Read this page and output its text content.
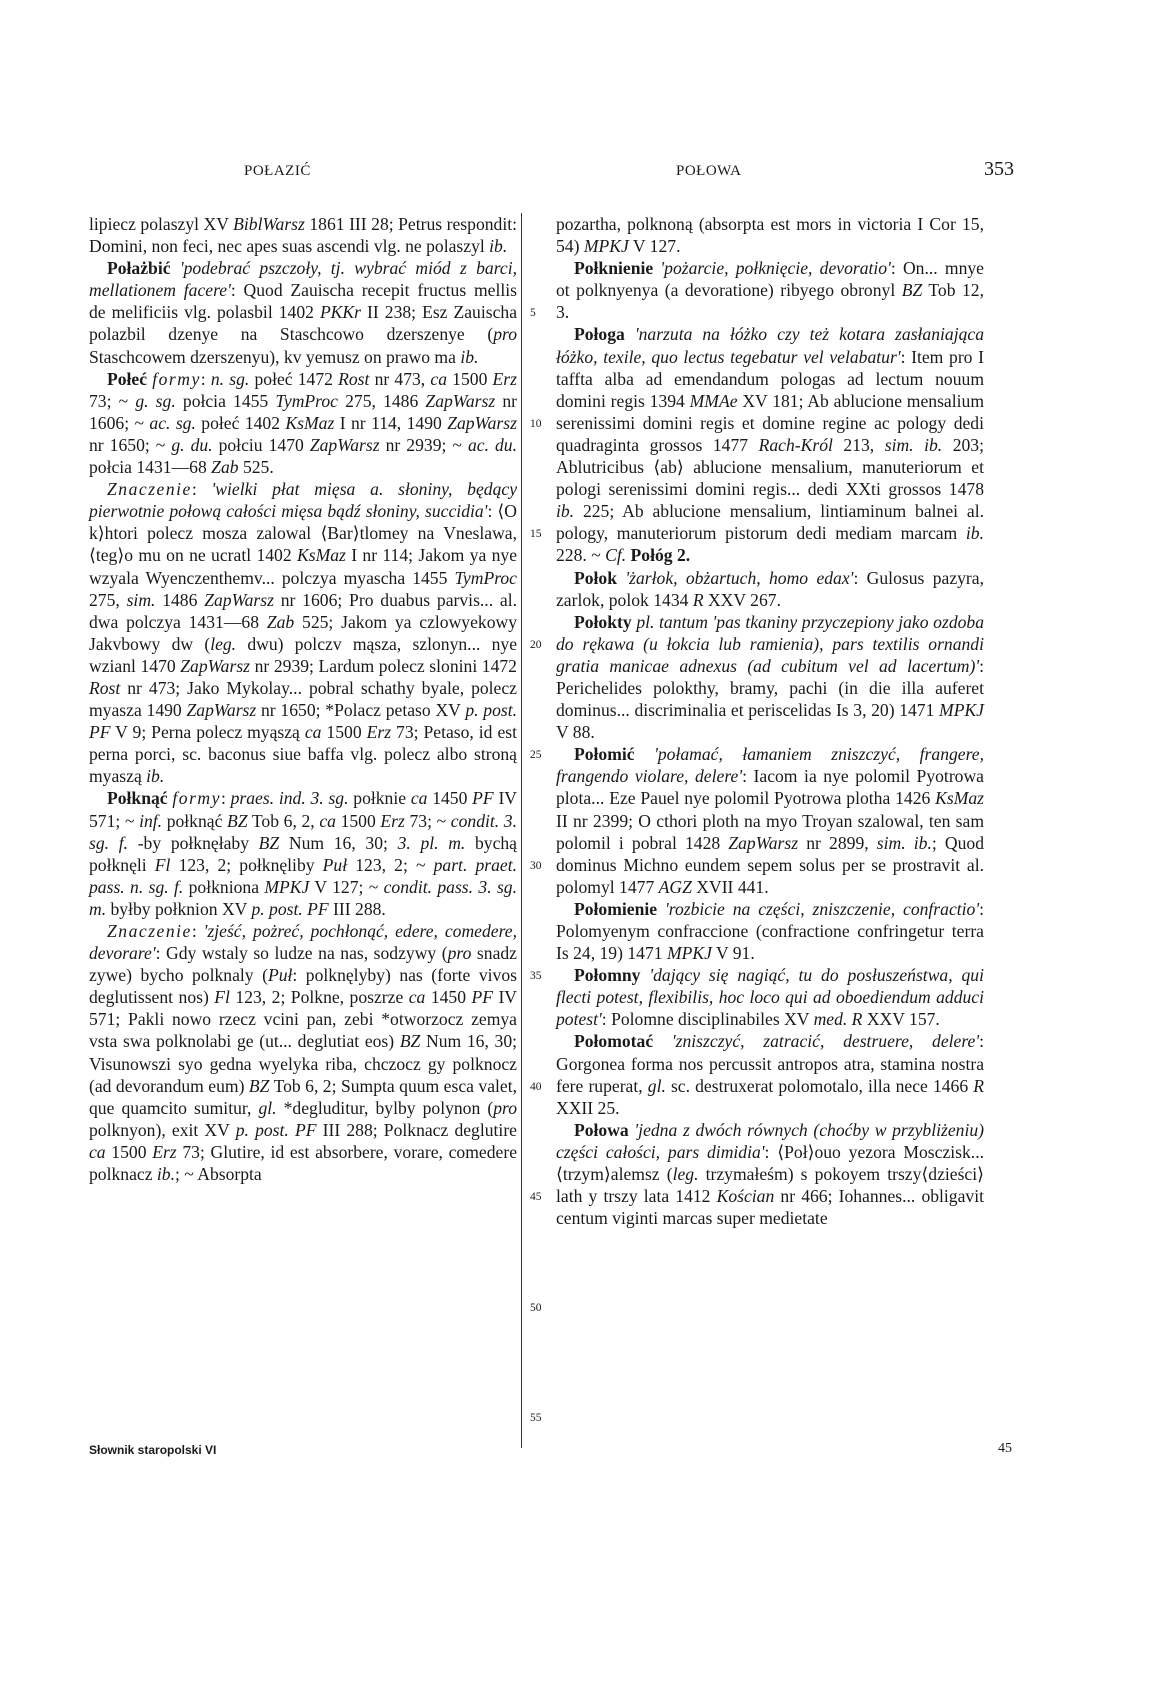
POŁAZIĆ	POŁOWA	353

lipiecz polaszyl XV BiblWarsz 1861 III 28; Petrus respondit: Domini, non feci, nec apes suas ascendi vlg. ne polaszyl ib.

Połażbić 'podebrać pszczoły, tj. wybrać miód z barci, mellationem facere': Quod Zauischa recepit fructus mellis de melificiis vlg. polasbil 1402 PKKr II 238; Esz Zauischa polazbil dzenye na Staschcowo dzerszenye (pro Staschcowem dzerszenyu), kv yemusz on prawo ma ib.

Połeć formy: n. sg. połeć 1472 Rost nr 473, ca 1500 Erz 73; ~ g. sg. połcia 1455 TymProc 275, 1486 ZapWarsz nr 1606; ~ ac. sg. połeć 1402 KsMaz I nr 114, 1490 ZapWarsz nr 1650; ~ g. du. połciu 1470 ZapWarsz nr 2939; ~ ac. du. połcia 1431—68 Zab 525.

Znaczenie: 'wielki płat mięsa a. słoniny, będący pierwotnie połową całości mięsa bądź słoniny, succidia': ⟨O k⟩htori polecz mosza zalowal ⟨Bar⟩tlomey na Vneslawa, ⟨teg⟩o mu on ne ucratl 1402 KsMaz I nr 114; Jakom ya nye wzyala Wyenczenthemv... polczya myascha 1455 TymProc 275, sim. 1486 ZapWarsz nr 1606; Pro duabus parvis... al. dwa polczya 1431—68 Zab 525; Jakom ya czlowyekowy Jakvbowy dw (leg. dwu) polczv mąsza, szlonyn... nye wzianl 1470 ZapWarsz nr 2939; Lardum polecz slonini 1472 Rost nr 473; Jako Mykolay... pobral schathy byale, polecz myasza 1490 ZapWarsz nr 1650; *Polacz petaso XV p. post. PF V 9; Perna polecz myąszą ca 1500 Erz 73; Petaso, id est perna porci, sc. baconus siue baffa vlg. polecz albo stroną myaszą ib.

Połknąć formy: praes. ind. 3. sg. połknie ca 1450 PF IV 571; ~ inf. połknąć BZ Tob 6, 2, ca 1500 Erz 73; ~ condit. 3. sg. f. -by połknęłaby BZ Num 16, 30; 3. pl. m. bychą połknęli Fl 123, 2; połknęliby Puł 123, 2; ~ part. praet. pass. n. sg. f. połkniona MPKJ V 127; ~ condit. pass. 3. sg. m. byłby połknion XV p. post. PF III 288.

Znaczenie: 'zjeść, pożreć, pochłonąć, edere, comedere, devorare': Gdy wstaly so ludze na nas, sodzywy (pro snadz zywe) bycho polknaly (Puł: polknęlyby) nas (forte vivos deglutissent nos) Fl 123, 2; Polkne, poszrze ca 1450 PF IV 571; Pakli nowo rzecz vcini pan, zebi *otworzocz zemya vsta swa polknolabi ge (ut... deglutiat eos) BZ Num 16, 30; Visunowszi syo gedna wyelyka riba, chczocz gy polknocz (ad devorandum eum) BZ Tob 6, 2; Sumpta quum esca valet, que quamcito sumitur, gl. *degluditur, bylby polynon (pro polknyon), exit XV p. post. PF III 288; Polknacz deglutire ca 1500 Erz 73; Glutire, id est absorbere, vorare, comedere polknacz ib.; ~ Absorpta

5
10
15
20
25
30
35
40
45
50
55

pozartha, polknoną (absorpta est mors in victoria I Cor 15, 54) MPKJ V 127.

Połknienie 'pożarcie, połknięcie, devoratio': On... mnye ot polknyenya (a devoratione) ribyego obronyl BZ Tob 12, 3.

Połoga 'narzuta na łóżko czy też kotara zasłaniająca łóżko, texile, quo lectus tegebatur vel velabatur': Item pro I taffta alba ad emendandum pologas ad lectum nouum domini regis 1394 MMAe XV 181; Ab ablucione mensalium serenissimi domini regis et domine regine ac pology dedi quadraginta grossos 1477 Rach-Król 213, sim. ib. 203; Ablutricibus ⟨ab⟩ ablucione mensalium, manuteriorum et pologi serenissimi domini regis... dedi XXti grossos 1478 ib. 225; Ab ablucione mensalium, lintiaminum balnei al. pology, manuteriorum pistorum dedi mediam marcam ib. 228. ~ Cf. Połóg 2.

Połok 'żarłok, obżartuch, homo edax': Gulosus pazyra, zarlok, polok 1434 R XXV 267.

Połokty pl. tantum 'pas tkaniny przyczepiony jako ozdoba do rękawa (u łokcia lub ramienia), pars textilis ornandi gratia manicae adnexus (ad cubitum vel ad lacertum)': Perichelides polokthy, bramy, pachi (in die illa auferet dominus... discriminalia et periscelidas Is 3, 20) 1471 MPKJ V 88.

Połomić 'połamać, łamaniem zniszczyć, frangere, frangendo violare, delere': Iacom ia nye polomil Pyotrowa plota... Eze Pauel nye polomil Pyotrowa plotha 1426 KsMaz II nr 2399; O cthori ploth na myo Troyan szalowal, ten sam polomil i pobral 1428 ZapWarsz nr 2899, sim. ib.; Quod dominus Michno eundem sepem solus per se prostravit al. polomyl 1477 AGZ XVII 441.

Połomienie 'rozbicie na części, zniszczenie, confractio': Polomyenym confraccione (confractione confringetur terra Is 24, 19) 1471 MPKJ V 91.

Połomny 'dający się nagiąć, tu do posłuszeństwa, qui flecti potest, flexibilis, hoc loco qui ad oboediendum adduci potest': Polomne disciplinabiles XV med. R XXV 157.

Połomotać 'zniszczyć, zatracić, destruere, delere': Gorgonea forma nos percussit antropos atra, stamina nostra fere ruperat, gl. sc. destruxerat polomotalo, illa nece 1466 R XXII 25.

Połowa 'jedna z dwóch równych (choćby w przybliżeniu) części całości, pars dimidia': ⟨Poł⟩ouo yezora Mosczisk... ⟨trzym⟩alemsz (leg. trzymałeśm) s pokoyem trszy⟨dzieści⟩ lath y trszy lata 1412 Kościan nr 466; Iohannes... obligavit centum viginti marcas super medietate

Słownik staropolski VI	45
